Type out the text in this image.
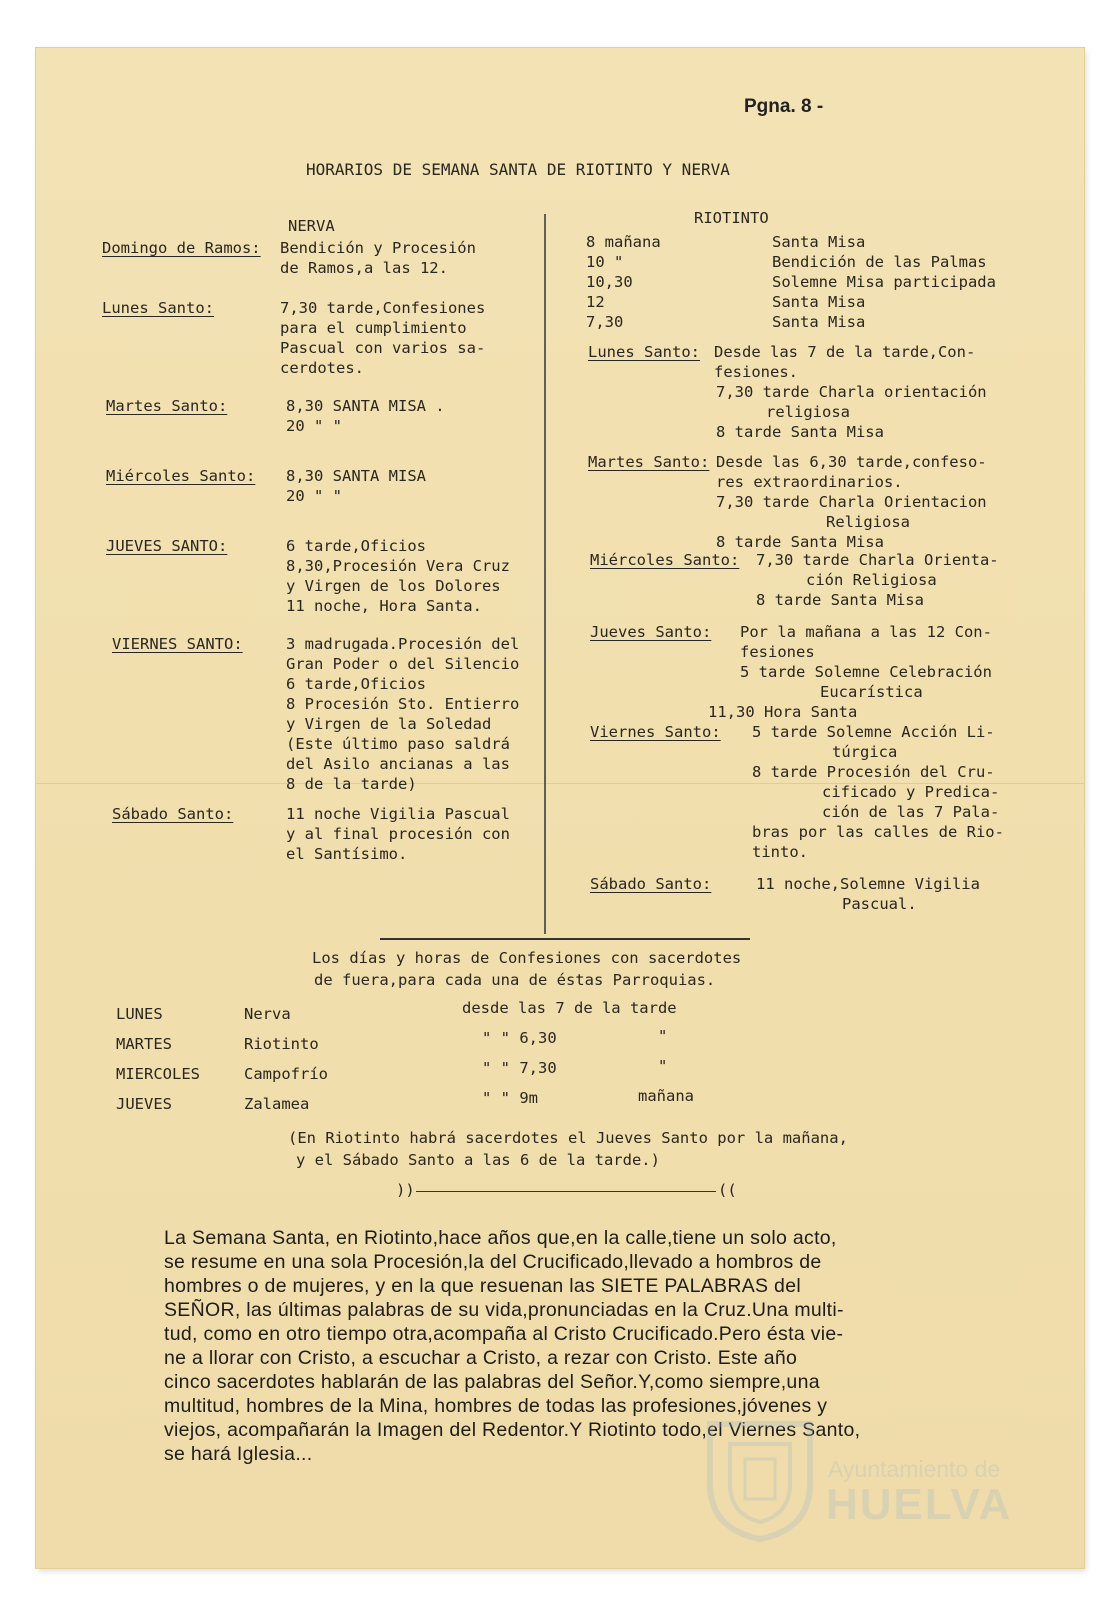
Pgna. 8 -
HORARIOS DE SEMANA SANTA DE RIOTINTO Y NERVA
NERVA
Domingo de Ramos: Bendición y Procesión
de Ramos,a las 12.
Lunes Santo:	7,30 tarde,Confesiones
para el cumplimiento
Pascual con varios sa-
cerdotes.
Martes Santo:	8,30 SANTA MISA .
20 " "
Miércoles Santo: 8,30 SANTA MISA
20 " "
JUEVES SANTO:	6 tarde,Oficios
8,30,Procesión Vera Cruz
y Virgen de los Dolores
11 noche, Hora Santa.
VIERNES SANTO:	3 madrugada.Procesión del
Gran Poder o del Silencio
6 tarde,Oficios
8 Procesión Sto. Entierro
y Virgen de la Soledad
(Este último paso saldrá
del Asilo ancianas a las
8 de la tarde)
Sábado Santo:	11 noche Vigilia Pascual
y al final procesión con
el Santísimo.
RIOTINTO
8 mañana	Santa Misa
10 "	Bendición de las Palmas
10,30	Solemne Misa participada
12	Santa Misa
7,30	Santa Misa
Lunes Santo: Desde las 7 de la tarde,Con-
fesiones.
7,30 tarde Charla orientación
religiosa
8 tarde Santa Misa
Martes Santo: Desde las 6,30 tarde,confeso-
res extraordinarios.
7,30 tarde Charla Orientacion
Religiosa
8 tarde Santa Misa
Miércoles Santo: 7,30 tarde Charla Orienta-
ción Religiosa
8 tarde Santa Misa
Jueves Santo: Por la mañana a las 12 Con-
fesiones
5 tarde Solemne Celebración
Eucarística
11,30 Hora Santa
Viernes Santo: 5 tarde Solemne Acción Li-
túrgica
8 tarde Procesión del Cru-
cificado y Predica-
ción de las 7 Pala-
bras por las calles de Rio-
tinto.
Sábado Santo:	11 noche,Solemne Vigilia
Pascual.
Los días y horas de Confesiones con sacerdotes
de fuera,para cada una de éstas Parroquias.
LUNES	Nerva	desde las 7 de la tarde
MARTES	Riotinto	" " 6,30	"
MIERCOLES	Campofrío	" " 7,30	"
JUEVES	Zalamea	" " 9m	mañana
(En Riotinto habrá sacerdotes el Jueves Santo por la mañana,
y el Sábado Santo a las 6 de la tarde.)
))	((

La Semana Santa, en Riotinto,hace años que,en la calle,tiene un solo acto,

se resume en una sola Procesión,la del Crucificado,llevado a hombros de

hombres o de mujeres, y en la que resuenan las SIETE PALABRAS del

SEÑOR, las últimas palabras de su vida,pronunciadas en la Cruz.Una multi-

tud, como en otro tiempo otra,acompaña al Cristo Crucificado.Pero ésta vie-

ne a llorar con Cristo, a escuchar a Cristo, a rezar con Cristo. Este año

cinco sacerdotes hablarán de las palabras del Señor.Y,como siempre,una

multitud, hombres de la Mina, hombres de todas las profesiones,jóvenes y

viejos, acompañarán la Imagen del Redentor.Y Riotinto todo,el Viernes Santo,

se hará Iglesia...

Ayuntamiento de
HUELVA
